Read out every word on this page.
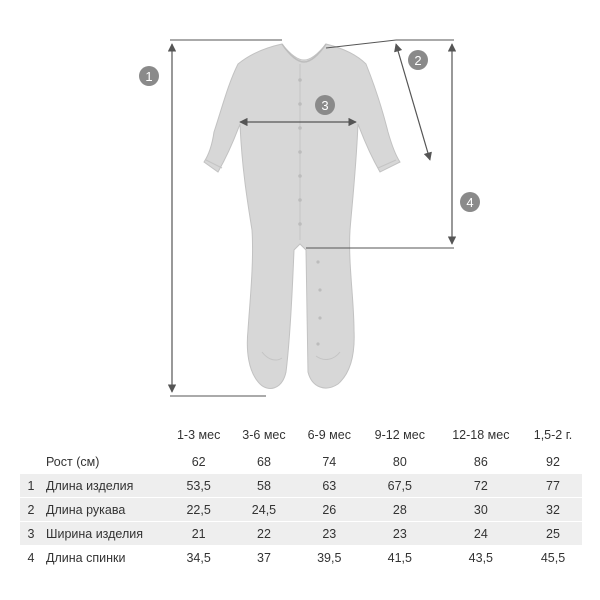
1
2
3
4
		1-3 мес	3-6 мес	6-9 мес	9-12 мес	12-18 мес	1,5-2 г.
	Рост (см)	62	68	74	80	86	92
1	Длина изделия	53,5	58	63	67,5	72	77
2	Длина рукава	22,5	24,5	26	28	30	32
3	Ширина изделия	21	22	23	23	24	25
4	Длина спинки	34,5	37	39,5	41,5	43,5	45,5
